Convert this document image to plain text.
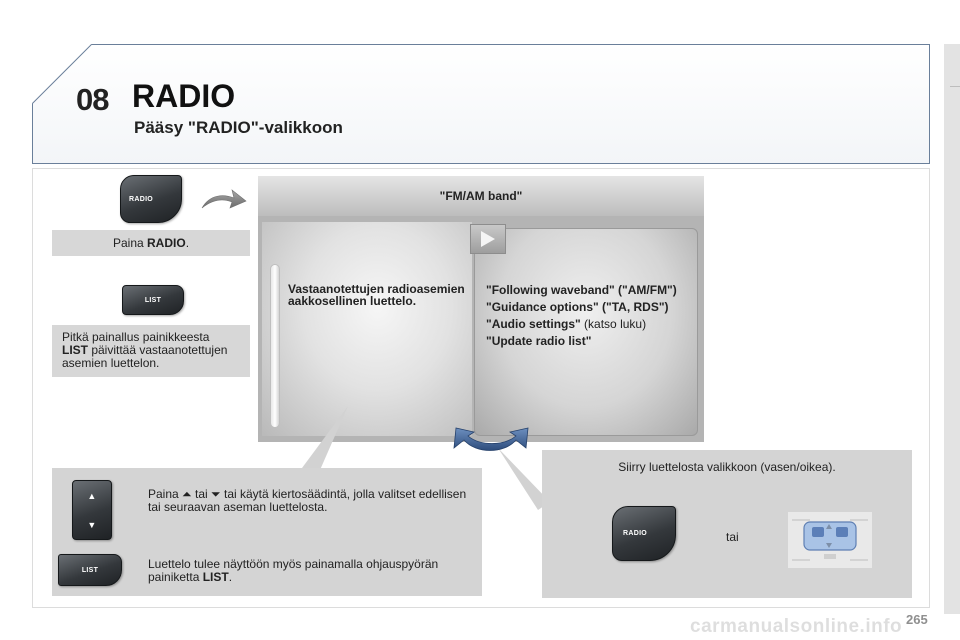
08 RADIO
Pääsy "RADIO"-valikkoon
RADIO
Paina
RADIO .
LIST
Pitkä painallus painikkeesta
LIST päivittää vastaanotettujen asemien luettelon.
" FM/AM band "
Vastaanotettujen radioasemien aakkosellinen luettelo.
"Following waveband" ("AM/FM")
"Guidance options" ("TA, RDS")
"Audio settings" (katso luku)
"Update radio list"
▲
▼
Paina ⏶ tai ⏷ tai käytä kiertosäädintä, jolla valitset edellisen tai seuraavan aseman luettelosta.
LIST	Luettelo tulee näyttöön myös painamalla ohjauspyörän painiketta LIST.
Siirry luettelosta valikkoon (vasen/oikea).
RADIO	tai
carmanualsonline.info 265
